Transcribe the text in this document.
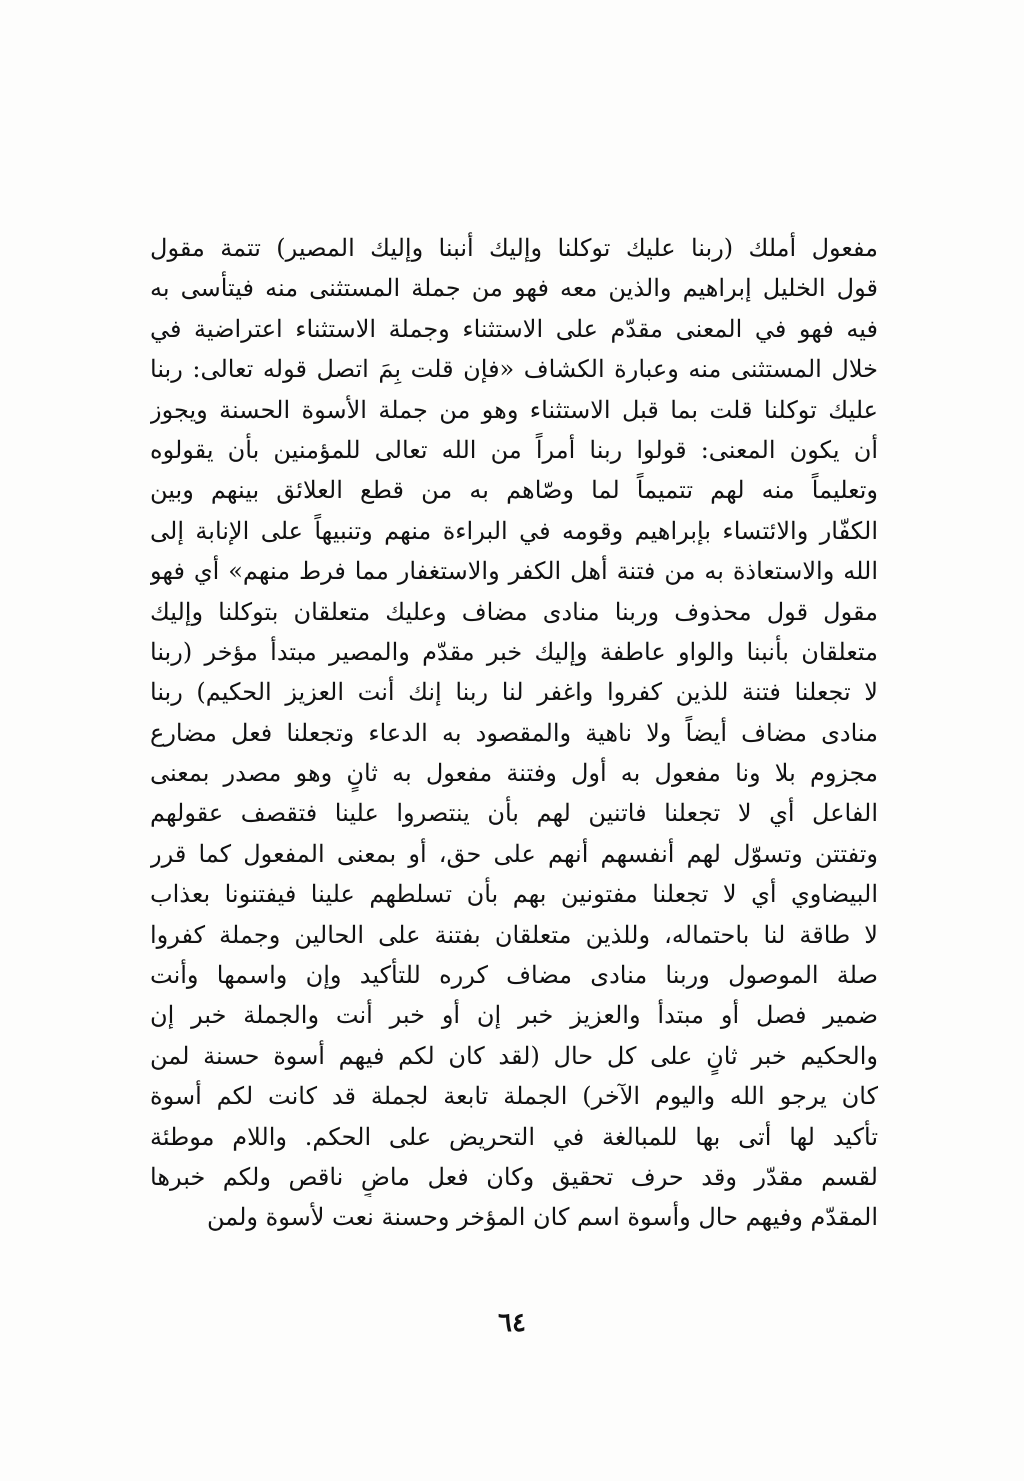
مفعول أملك (ربنا عليك توكلنا وإليك أنبنا وإليك المصير) تتمة مقول
قول الخليل إبراهيم والذين معه فهو من جملة المستثنى منه فيتأسى به
فيه فهو في المعنى مقدّم على الاستثناء وجملة الاستثناء اعتراضية في
خلال المستثنى منه وعبارة الكشاف «فإن قلت بِمَ اتصل قوله تعالى: ربنا
عليك توكلنا قلت بما قبل الاستثناء وهو من جملة الأسوة الحسنة ويجوز
أن يكون المعنى: قولوا ربنا أمراً من الله تعالى للمؤمنين بأن يقولوه
وتعليماً منه لهم تتميماً لما وصّاهم به من قطع العلائق بينهم وبين
الكفّار والائتساء بإبراهيم وقومه في البراءة منهم وتنبيهاً على الإنابة إلى
الله والاستعاذة به من فتنة أهل الكفر والاستغفار مما فرط منهم» أي فهو
مقول قول محذوف وربنا منادى مضاف وعليك متعلقان بتوكلنا وإليك
متعلقان بأنبنا والواو عاطفة وإليك خبر مقدّم والمصير مبتدأ مؤخر (ربنا
لا تجعلنا فتنة للذين كفروا واغفر لنا ربنا إنك أنت العزيز الحكيم) ربنا
منادى مضاف أيضاً ولا ناهية والمقصود به الدعاء وتجعلنا فعل مضارع
مجزوم بلا ونا مفعول به أول وفتنة مفعول به ثانٍ وهو مصدر بمعنى
الفاعل أي لا تجعلنا فاتنين لهم بأن ينتصروا علينا فتقصف عقولهم
وتفتتن وتسوّل لهم أنفسهم أنهم على حق، أو بمعنى المفعول كما قرر
البيضاوي أي لا تجعلنا مفتونين بهم بأن تسلطهم علينا فيفتنونا بعذاب
لا طاقة لنا باحتماله، وللذين متعلقان بفتنة على الحالين وجملة كفروا
صلة الموصول وربنا منادى مضاف كرره للتأكيد وإن واسمها وأنت
ضمير فصل أو مبتدأ والعزيز خبر إن أو خبر أنت والجملة خبر إن
والحكيم خبر ثانٍ على كل حال (لقد كان لكم فيهم أسوة حسنة لمن
كان يرجو الله واليوم الآخر) الجملة تابعة لجملة قد كانت لكم أسوة
تأكيد لها أتى بها للمبالغة في التحريض على الحكم. واللام موطئة
لقسم مقدّر وقد حرف تحقيق وكان فعل ماضٍ ناقص ولكم خبرها
المقدّم وفيهم حال وأسوة اسم كان المؤخر وحسنة نعت لأسوة ولمن
٦٤
